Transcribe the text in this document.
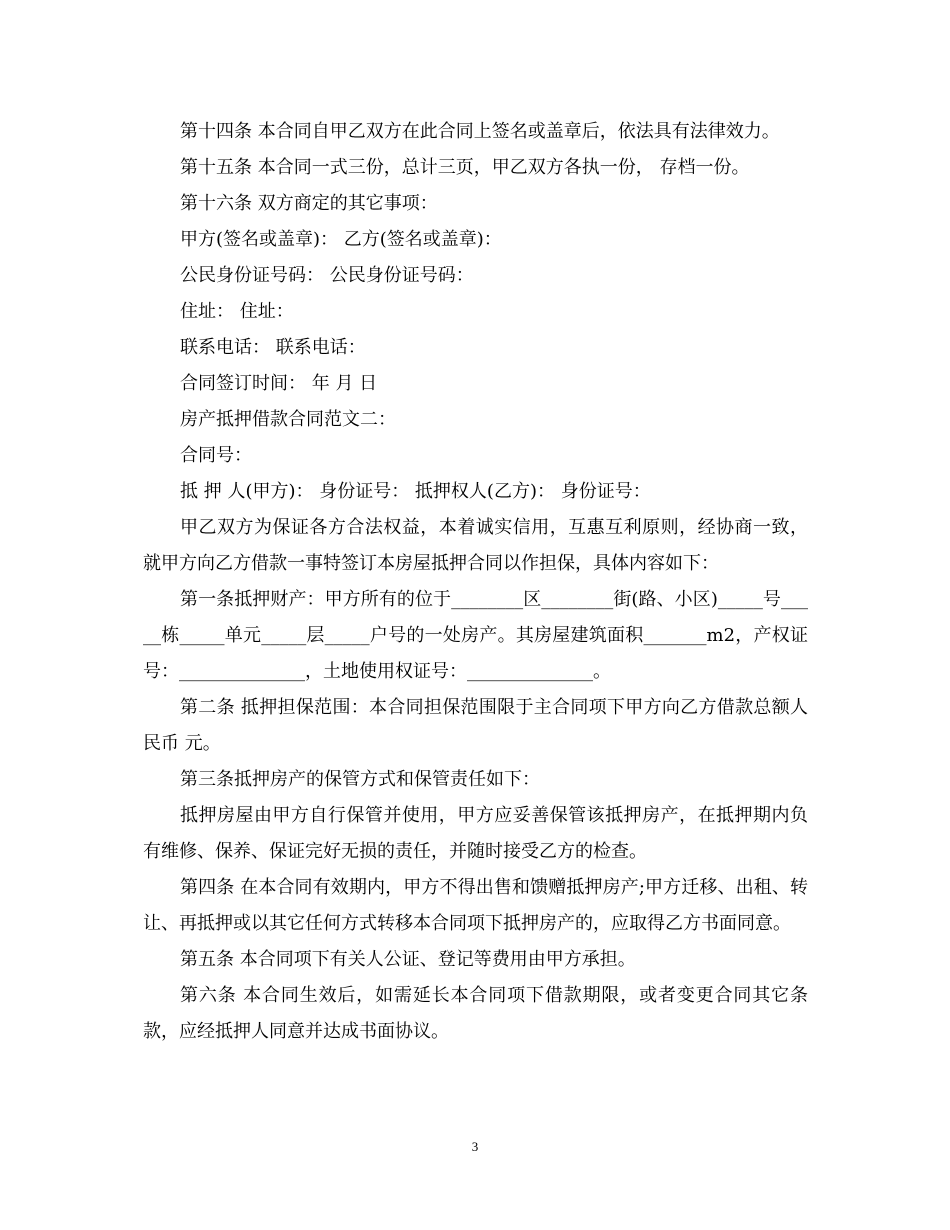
第十四条 本合同自甲乙双方在此合同上签名或盖章后，依法具有法律效力。

第十五条 本合同一式三份，总计三页，甲乙双方各执一份， 存档一份。

第十六条 双方商定的其它事项：

甲方(签名或盖章)： 乙方(签名或盖章)：

公民身份证号码： 公民身份证号码：

住址： 住址：

联系电话： 联系电话：

合同签订时间： 年 月 日

房产抵押借款合同范文二：

合同号：

抵 押 人(甲方)： 身份证号： 抵押权人(乙方)： 身份证号：

甲乙双方为保证各方合法权益，本着诚实信用，互惠互利原则，经协商一致，就甲方向乙方借款一事特签订本房屋抵押合同以作担保，具体内容如下：

第一条抵押财产：甲方所有的位于________区________街(路、小区)_____号_____栋_____单元_____层_____户号的一处房产。其房屋建筑面积_______m2，产权证号：______________，土地使用权证号：______________。

第二条 抵押担保范围：本合同担保范围限于主合同项下甲方向乙方借款总额人民币 元。

第三条抵押房产的保管方式和保管责任如下：

抵押房屋由甲方自行保管并使用，甲方应妥善保管该抵押房产，在抵押期内负有维修、保养、保证完好无损的责任，并随时接受乙方的检查。

第四条 在本合同有效期内，甲方不得出售和馈赠抵押房产;甲方迁移、出租、转让、再抵押或以其它任何方式转移本合同项下抵押房产的，应取得乙方书面同意。

第五条 本合同项下有关人公证、登记等费用由甲方承担。

第六条 本合同生效后，如需延长本合同项下借款期限，或者变更合同其它条款，应经抵押人同意并达成书面协议。

3
